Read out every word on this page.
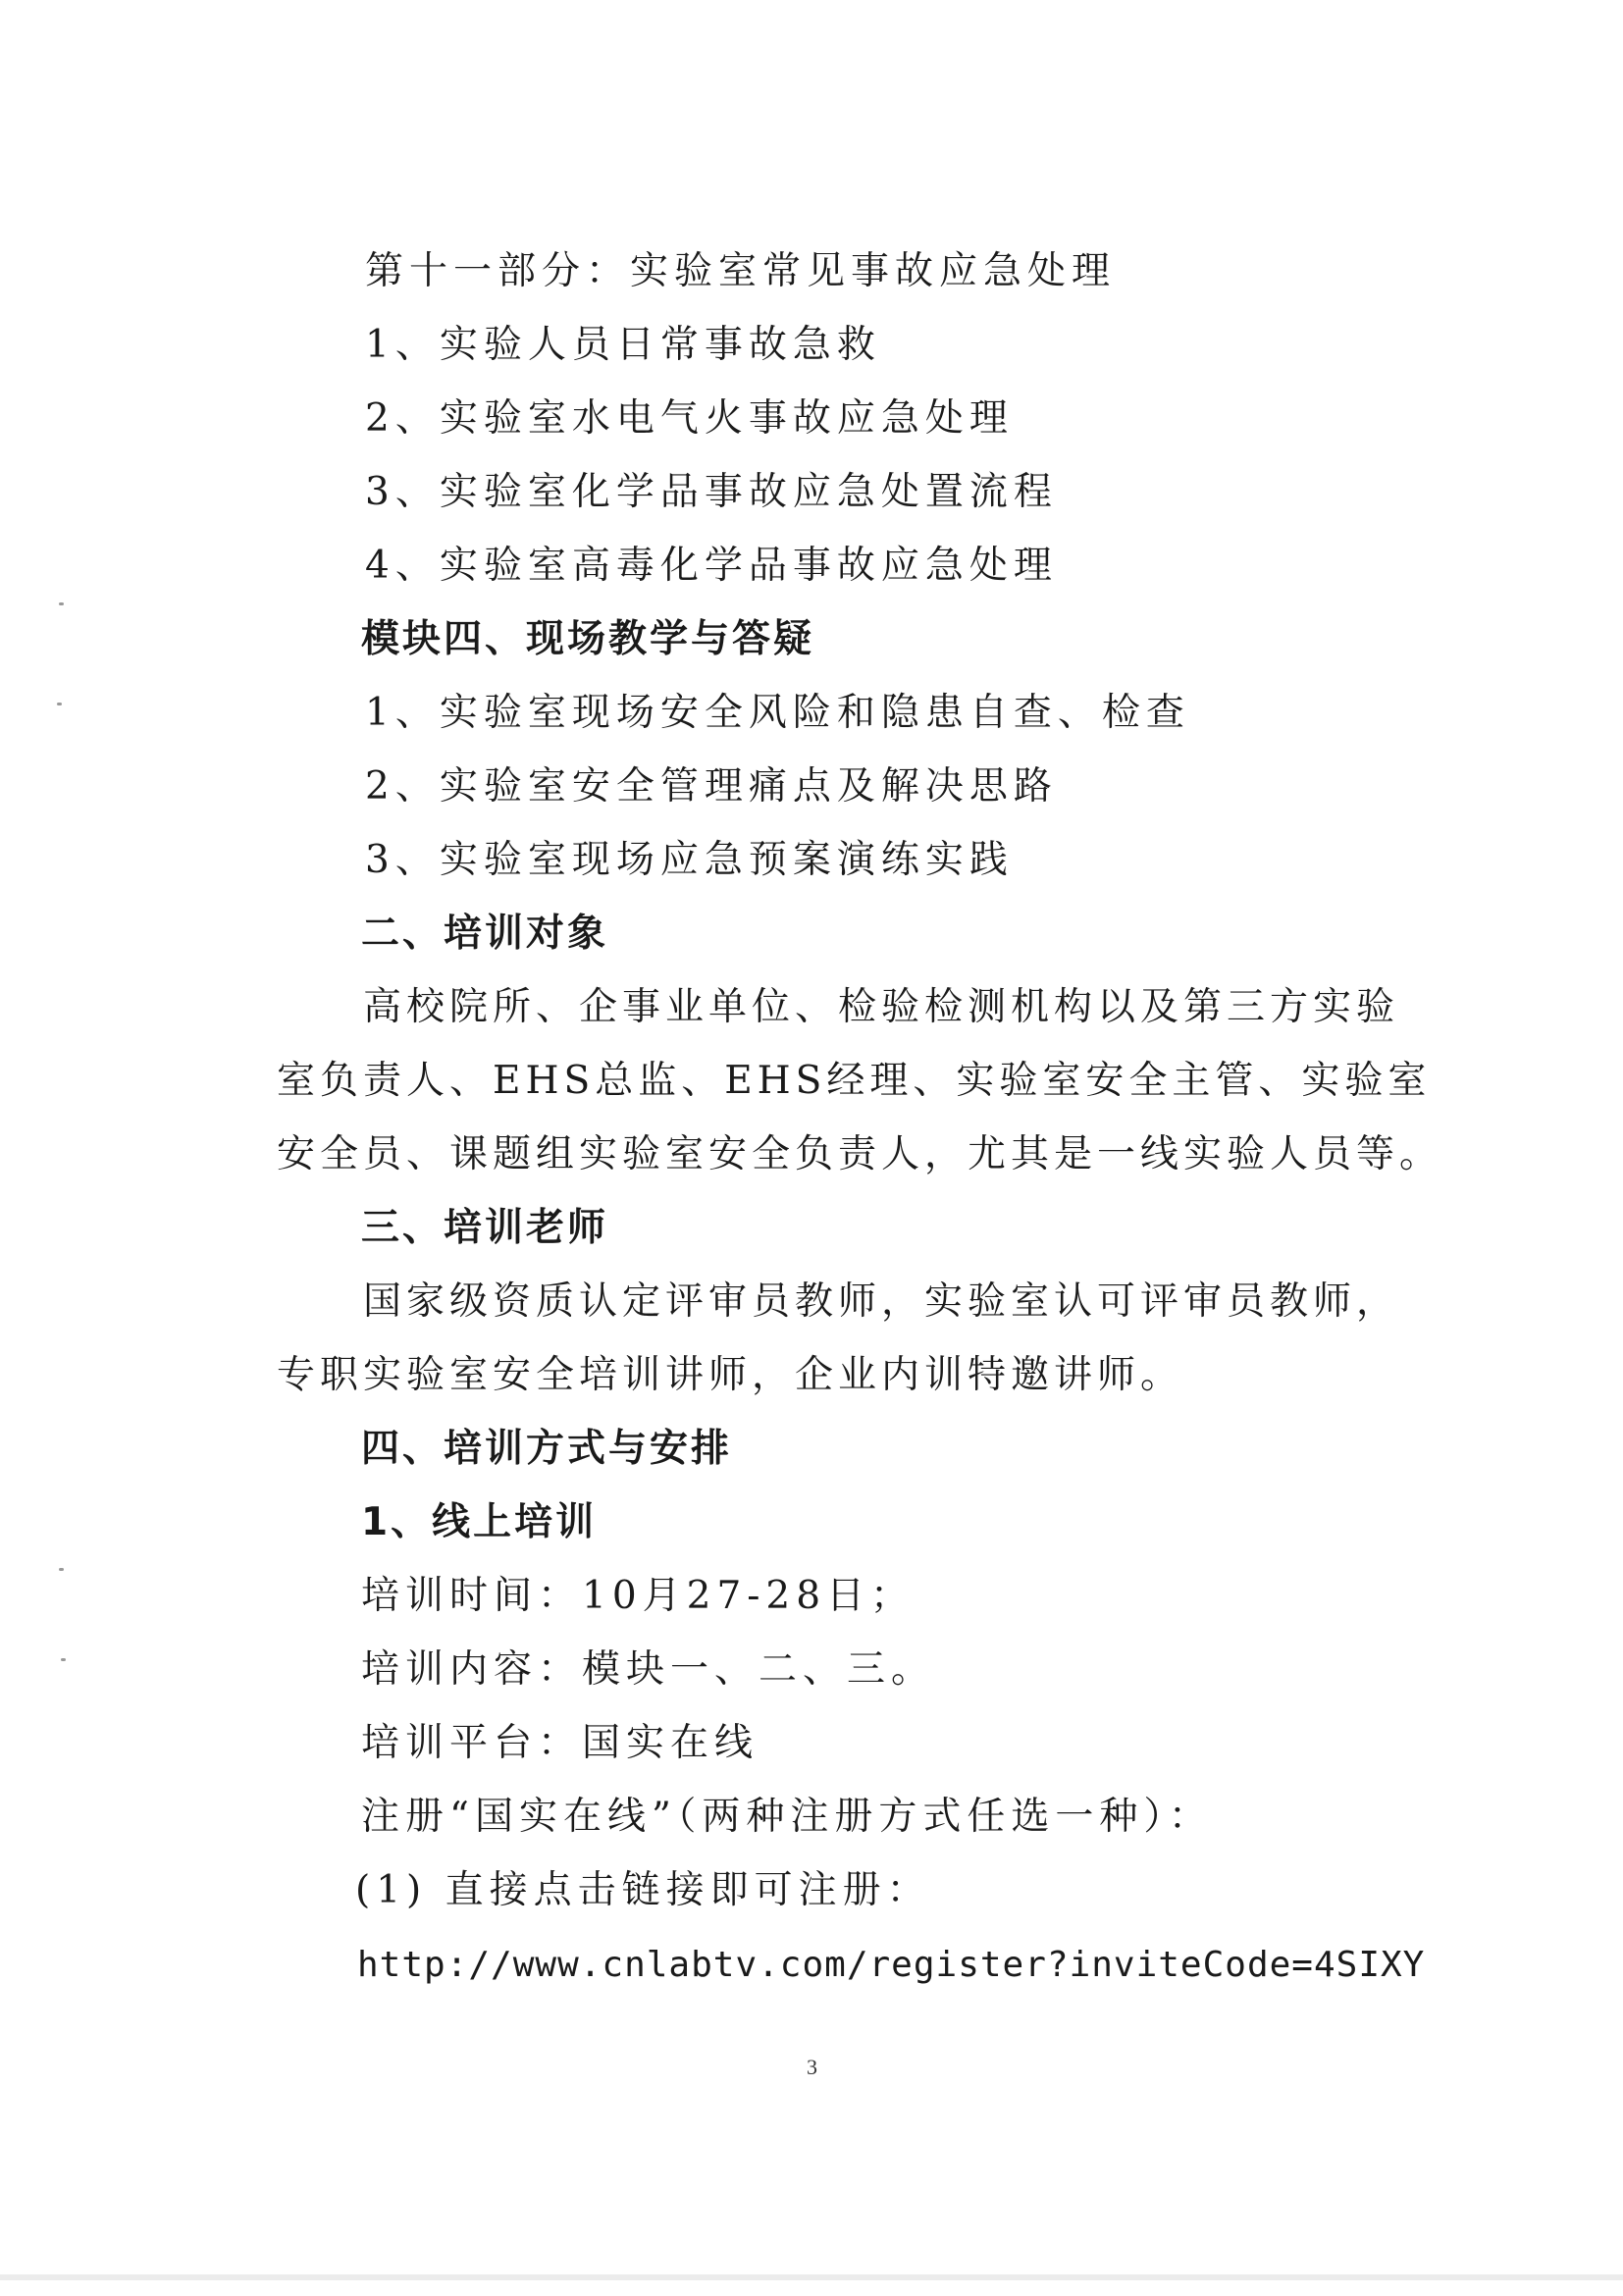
第十一部分：实验室常见事故应急处理
1、实验人员日常事故急救
2、实验室水电气火事故应急处理
3、实验室化学品事故应急处置流程
4、实验室高毒化学品事故应急处理
模块四、现场教学与答疑
1、实验室现场安全风险和隐患自查、检查
2、实验室安全管理痛点及解决思路
3、实验室现场应急预案演练实践
二、培训对象
高校院所、企事业单位、检验检测机构以及第三方实验
室负责人、EHS总监、EHS经理、实验室安全主管、实验室
安全员、课题组实验室安全负责人，尤其是一线实验人员等。
三、培训老师
国家级资质认定评审员教师，实验室认可评审员教师，
专职实验室安全培训讲师，企业内训特邀讲师。
四、培训方式与安排
1、线上培训
培训时间：10月27-28日；
培训内容：模块一、二、三。
培训平台：国实在线
注册“国实在线”（两种注册方式任选一种）：
(1) 直接点击链接即可注册：
http://www.cnlabtv.com/register?inviteCode=4SIXY
3
